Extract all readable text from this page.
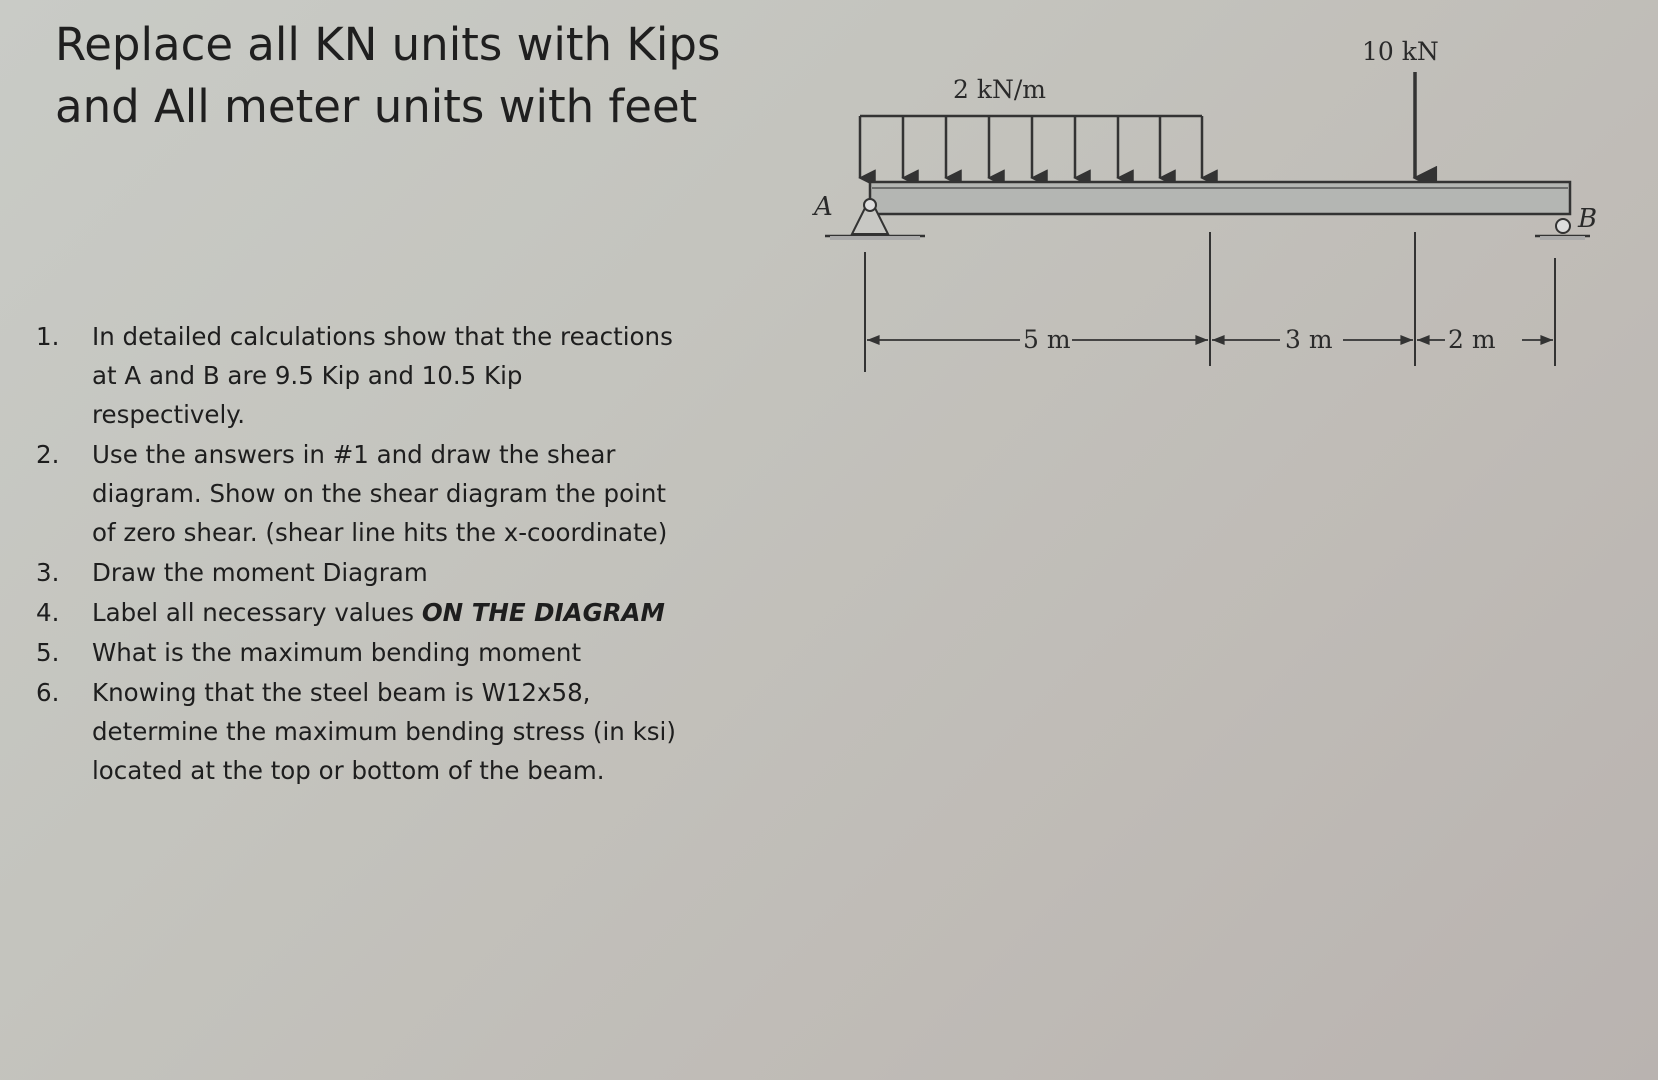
Replace all KN units with Kips
and All meter units with feet
1.	In detailed calculations show that the reactions at A and B are 9.5 Kip and 10.5 Kip respectively.
2.	Use the answers in #1 and draw the shear diagram. Show on the shear diagram the point of zero shear. (shear line hits the x-coordinate)
3.	Draw the moment Diagram
4.	Label all necessary values ON THE DIAGRAM
5.	What is the maximum bending moment
6.	Knowing that the steel beam is W12x58, determine the maximum bending stress (in ksi) located at the top or bottom of the beam.
2 kN/m
10 kN
A	B
5 m	3 m	2 m
